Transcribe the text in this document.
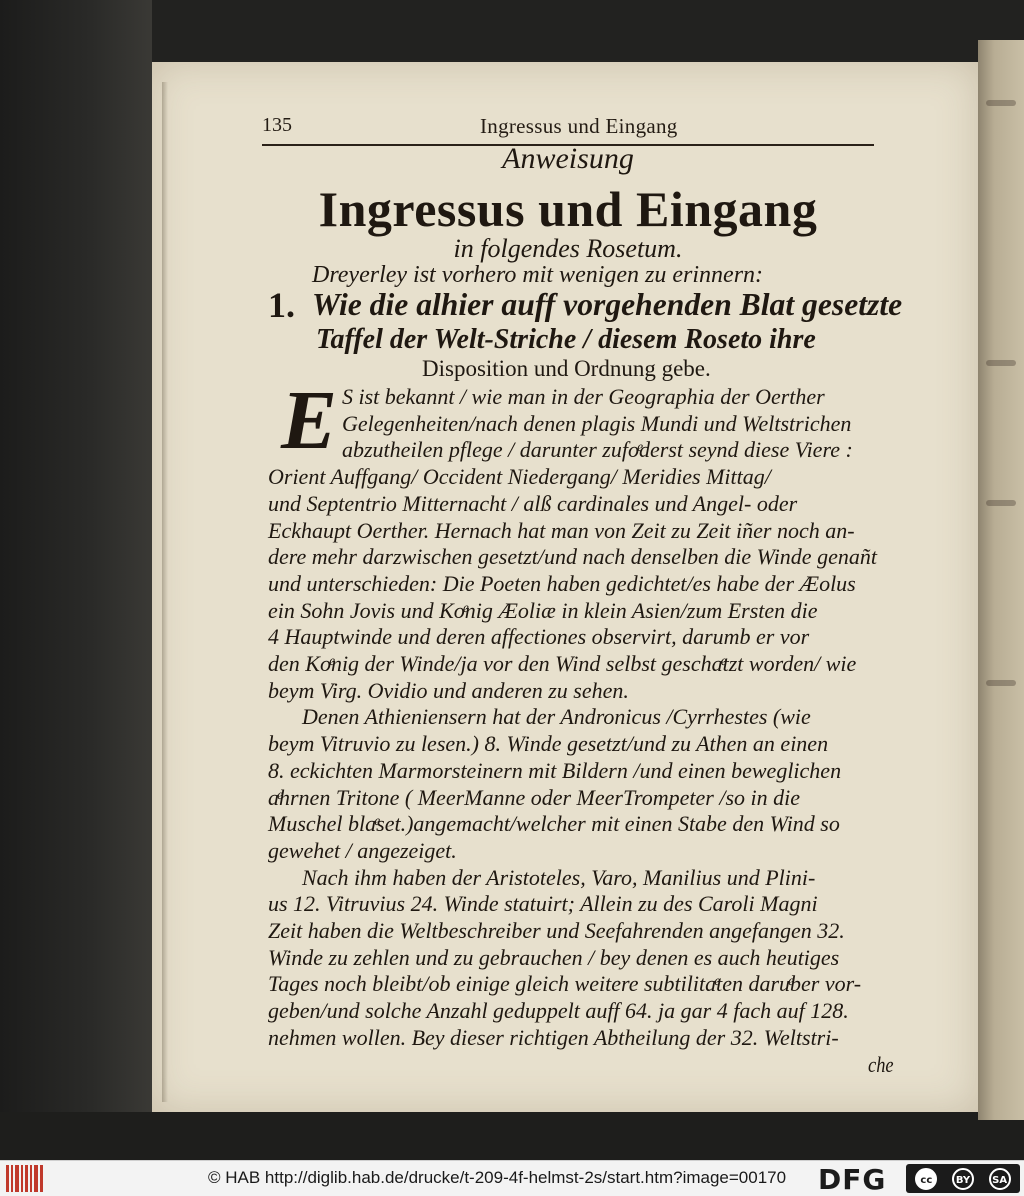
135	Ingressus und Eingang
Anweisung
Ingressus und Eingang
in folgendes Rosetum.
Dreyerley ist vorhero mit wenigen zu erinnern:
1. Wie die alhier auff vorgehenden Blat gesetzte
Taffel der Welt-Striche / diesem Roseto ihre
Disposition und Ordnung gebe.
E S ist bekannt / wie man in der Geographia der Oerther
Gelegenheiten/nach denen plagis Mundi und Weltstrichen
abzutheilen pflege / darunter zufoͤderst seynd diese Viere :
Orient Auffgang/ Occident Niedergang/ Meridies Mittag/
und Septentrio Mitternacht / alß cardinales und Angel- oder
Eckhaupt Oerther. Hernach hat man von Zeit zu Zeit iñer noch an-
dere mehr darzwischen gesetzt/und nach denselben die Winde genañt
und unterschieden: Die Poeten haben gedichtet/es habe der Æolus
ein Sohn Jovis und Koͤnig Æoliæ in klein Asien/zum Ersten die
4 Hauptwinde und deren affectiones observirt, darumb er vor
den Koͤnig der Winde/ja vor den Wind selbst geschaͤtzt worden/ wie
beym Virg. Ovidio und anderen zu sehen.
Denen Athieniensern hat der Andronicus /Cyrrhestes (wie
beym Vitruvio zu lesen.) 8. Winde gesetzt/und zu Athen an einen
8. eckichten Marmorsteinern mit Bildern /und einen beweglichen
aͤhrnen Tritone ( MeerManne oder MeerTrompeter /so in die
Muschel blaͤset.)angemacht/welcher mit einen Stabe den Wind so
gewehet / angezeiget.
Nach ihm haben der Aristoteles, Varo, Manilius und Plini-
us 12. Vitruvius 24. Winde statuirt; Allein zu des Caroli Magni
Zeit haben die Weltbeschreiber und Seefahrenden angefangen 32.
Winde zu zehlen und zu gebrauchen / bey denen es auch heutiges
Tages noch bleibt/ob einige gleich weitere subtilitaͤten daruͤber vor-
geben/und solche Anzahl geduppelt auff 64. ja gar 4 fach auf 128.
nehmen wollen. Bey dieser richtigen Abtheilung der 32. Weltstri-
che
© HAB http://diglib.hab.de/drucke/t-209-4f-helmst-2s/start.htm?image=00170 DFG	cc	BY	SA
